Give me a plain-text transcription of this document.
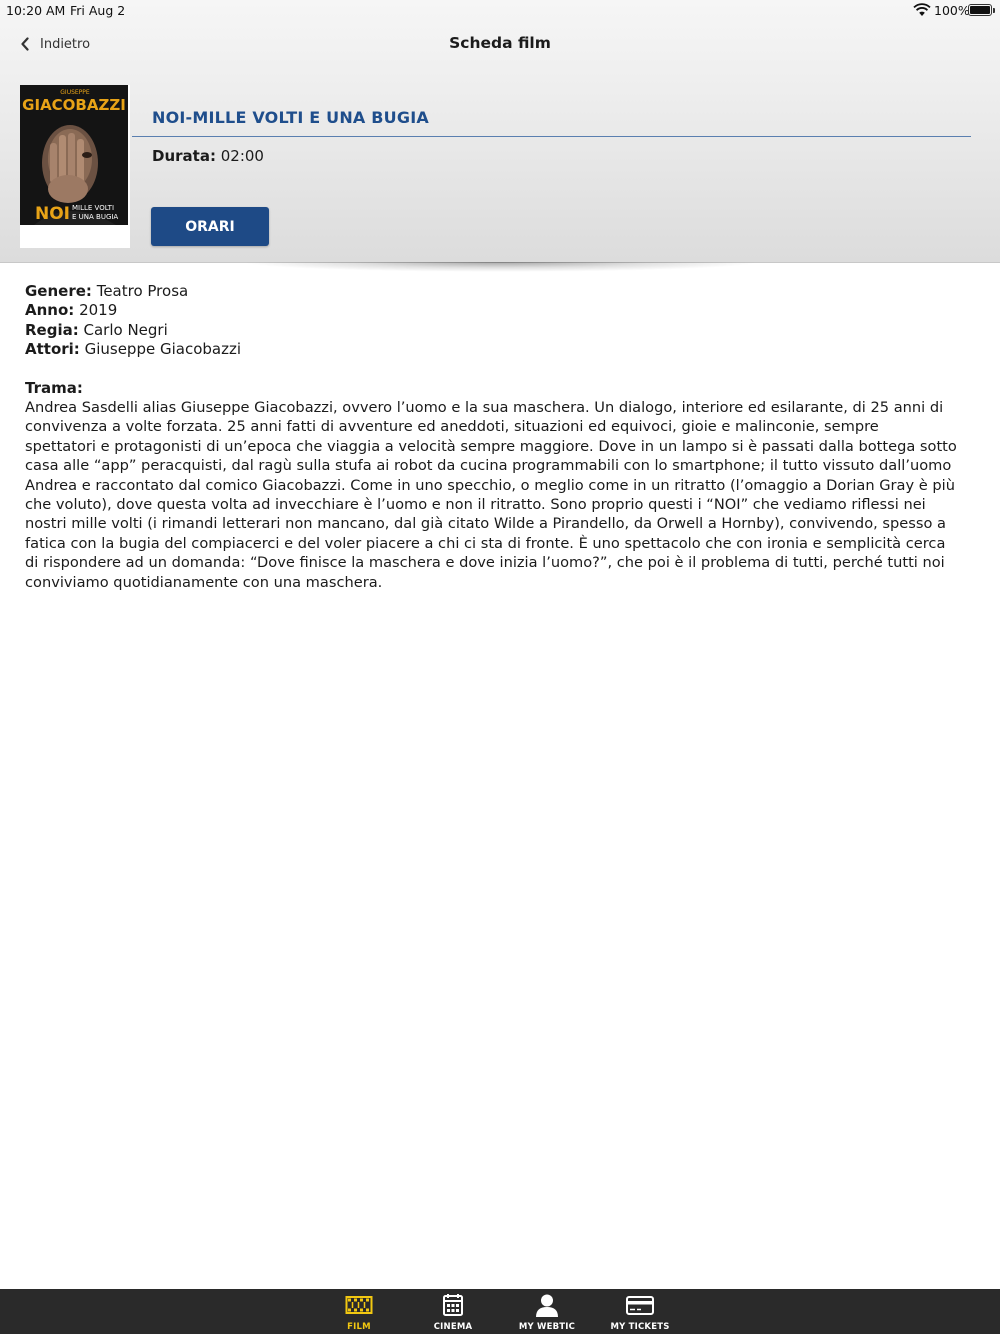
10:20 AM Fri Aug 2	100%
Indietro	Scheda film
GIUSEPPE
GIACOBAZZI
NOI MILLE VOLTI
E UNA BUGIA
NOI-MILLE VOLTI E UNA BUGIA
Durata: 02:00
ORARI
Genere: Teatro Prosa
Anno: 2019
Regia: Carlo Negri
Attori: Giuseppe Giacobazzi
Trama:
Andrea Sasdelli alias Giuseppe Giacobazzi, ovvero l’uomo e la sua maschera. Un dialogo, interiore ed esilarante, di 25 anni di
convivenza a volte forzata. 25 anni fatti di avventure ed aneddoti, situazioni ed equivoci, gioie e malinconie, sempre
spettatori e protagonisti di un’epoca che viaggia a velocità sempre maggiore. Dove in un lampo si è passati dalla bottega sotto
casa alle “app” peracquisti, dal ragù sulla stufa ai robot da cucina programmabili con lo smartphone; il tutto vissuto dall’uomo
Andrea e raccontato dal comico Giacobazzi. Come in uno specchio, o meglio come in un ritratto (l’omaggio a Dorian Gray è più
che voluto), dove questa volta ad invecchiare è l’uomo e non il ritratto. Sono proprio questi i “NOI” che vediamo riflessi nei
nostri mille volti (i rimandi letterari non mancano, dal già citato Wilde a Pirandello, da Orwell a Hornby), convivendo, spesso a
fatica con la bugia del compiacerci e del voler piacere a chi ci sta di fronte. È uno spettacolo che con ironia e semplicità cerca
di rispondere ad un domanda: “Dove finisce la maschera e dove inizia l’uomo?”, che poi è il problema di tutti, perché tutti noi
conviviamo quotidianamente con una maschera.
FILM	CINEMA	MY WEBTIC	MY TICKETS
